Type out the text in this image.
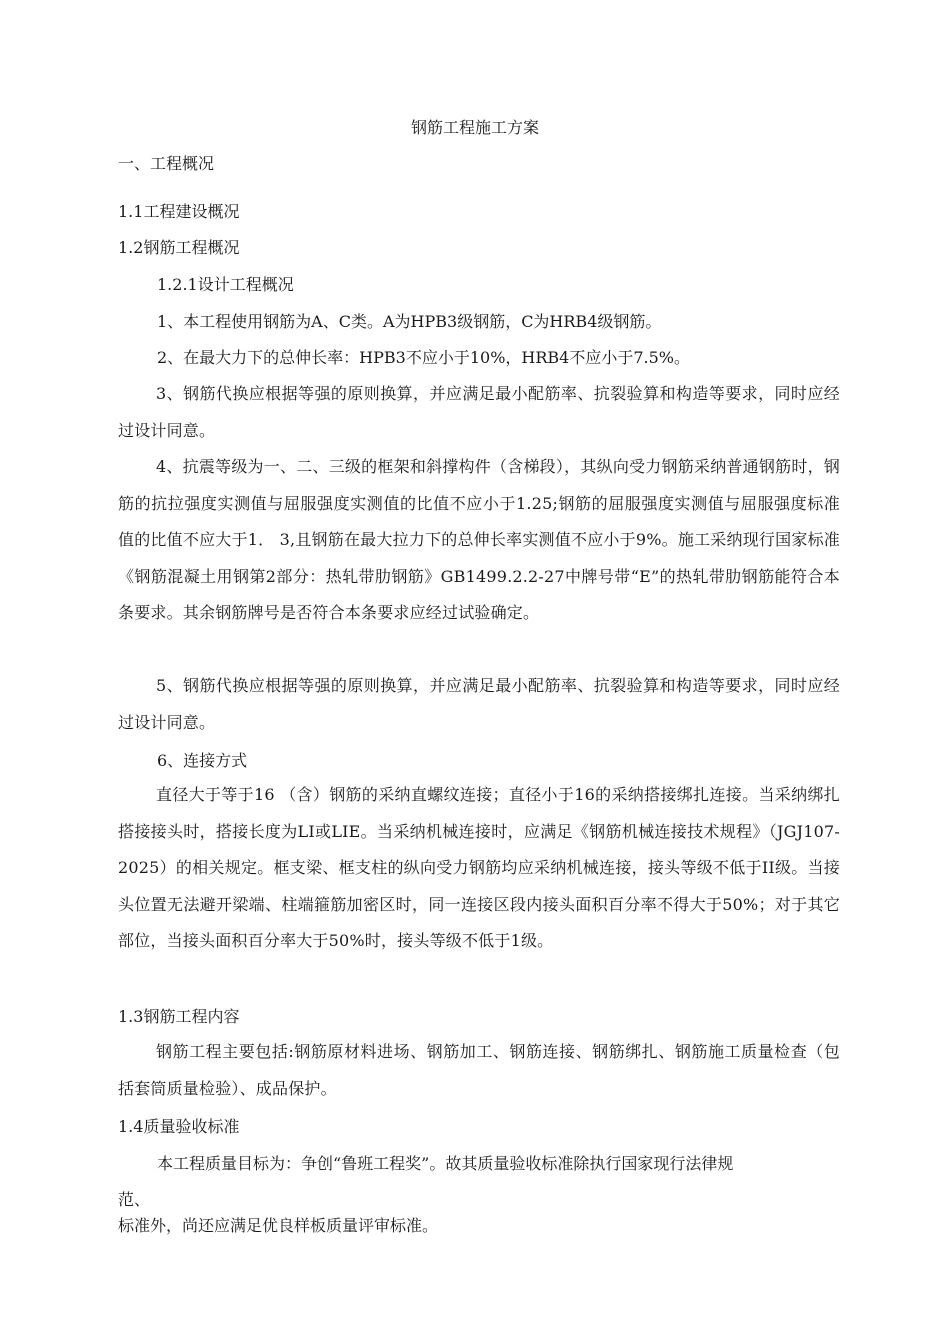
钢筋工程施工方案
一、工程概况
1.1工程建设概况
1.2钢筋工程概况
1.2.1设计工程概况
1、本工程使用钢筋为A、C类。A为HPB3级钢筋，C为HRB4级钢筋。
2、在最大力下的总伸长率：HPB3不应小于10%，HRB4不应小于7.5%。
3、钢筋代换应根据等强的原则换算，并应满足最小配筋率、抗裂验算和构造等要求，同时应经过设计同意。
4、抗震等级为一、二、三级的框架和斜撑构件（含梯段），其纵向受力钢筋采纳普通钢筋时，钢筋的抗拉强度实测值与屈服强度实测值的比值不应小于1.25;钢筋的屈服强度实测值与屈服强度标准值的比值不应大于1． 3,且钢筋在最大拉力下的总伸长率实测值不应小于9%。施工采纳现行国家标准《钢筋混凝土用钢第2部分：热轧带肋钢筋》GB1499.2.2-27中牌号带“E”的热轧带肋钢筋能符合本条要求。其余钢筋牌号是否符合本条要求应经过试验确定。
5、钢筋代换应根据等强的原则换算，并应满足最小配筋率、抗裂验算和构造等要求，同时应经过设计同意。
6、连接方式
直径大于等于16 （含）钢筋的采纳直螺纹连接；直径小于16的采纳搭接绑扎连接。当采纳绑扎搭接接头时，搭接长度为LI或LIE。当采纳机械连接时，应满足《钢筋机械连接技术规程》（JGJ107-2025）的相关规定。框支梁、框支柱的纵向受力钢筋均应采纳机械连接，接头等级不低于II级。当接头位置无法避开梁端、柱端箍筋加密区时，同一连接区段内接头面积百分率不得大于50%；对于其它部位，当接头面积百分率大于50%时，接头等级不低于1级。
1.3钢筋工程内容
钢筋工程主要包括:钢筋原材料进场、钢筋加工、钢筋连接、钢筋绑扎、钢筋施工质量检查（包括套筒质量检验）、成品保护。
1.4质量验收标准
本工程质量目标为：争创“鲁班工程奖”。故其质量验收标准除执行国家现行法律规
范、
标准外，尚还应满足优良样板质量评审标准。
